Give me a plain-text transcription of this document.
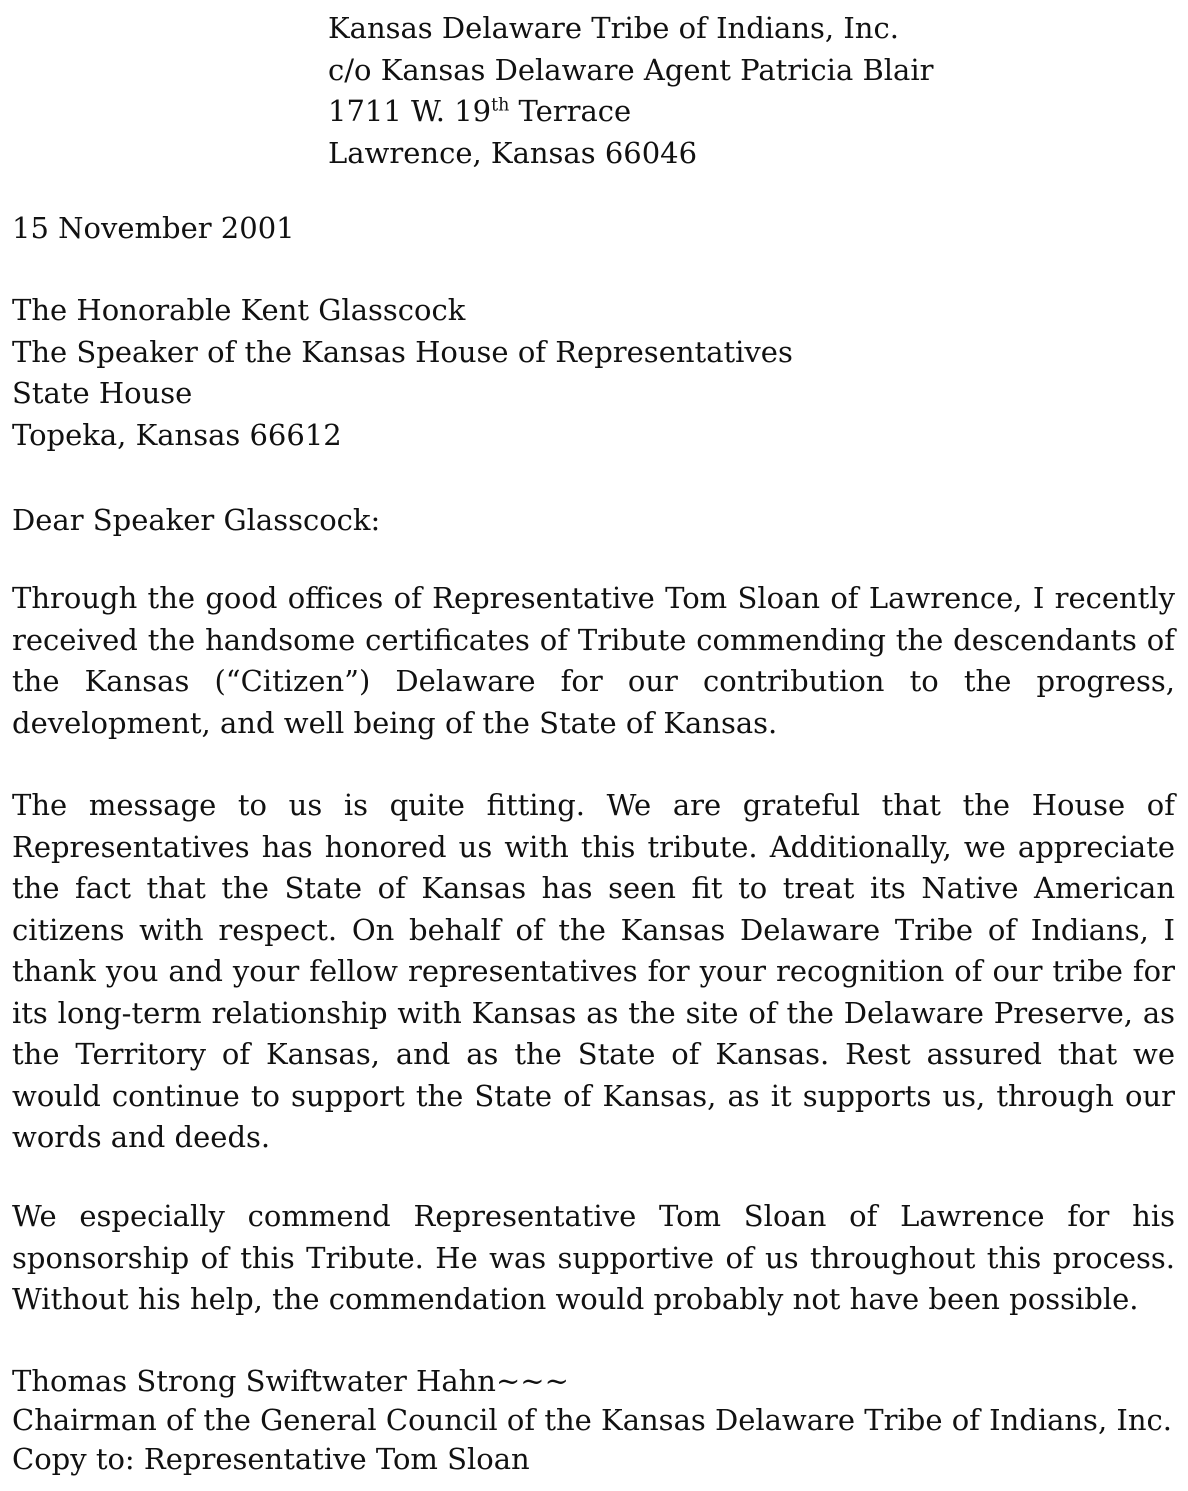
Kansas Delaware Tribe of Indians, Inc.
c/o Kansas Delaware Agent Patricia Blair
1711 W. 19th Terrace
Lawrence, Kansas 66046
15 November 2001
The Honorable Kent Glasscock
The Speaker of the Kansas House of Representatives
State House
Topeka, Kansas 66612
Dear Speaker Glasscock:

Through the good offices of Representative Tom Sloan of Lawrence, I recently received the handsome certificates of Tribute commending the descendants of the Kansas (“Citizen”) Delaware for our contribution to the progress, development, and well being of the State of Kansas.

The message to us is quite fitting. We are grateful that the House of Representatives has honored us with this tribute. Additionally, we appreciate the fact that the State of Kansas has seen fit to treat its Native American citizens with respect. On behalf of the Kansas Delaware Tribe of Indians, I thank you and your fellow representatives for your recognition of our tribe for its long-term relationship with Kansas as the site of the Delaware Preserve, as the Territory of Kansas, and as the State of Kansas. Rest assured that we would continue to support the State of Kansas, as it supports us, through our words and deeds.

We especially commend Representative Tom Sloan of Lawrence for his sponsorship of this Tribute. He was supportive of us throughout this process. Without his help, the commendation would probably not have been possible.

Thomas Strong Swiftwater Hahn~~~
Chairman of the General Council of the Kansas Delaware Tribe of Indians, Inc.
Copy to: Representative Tom Sloan
